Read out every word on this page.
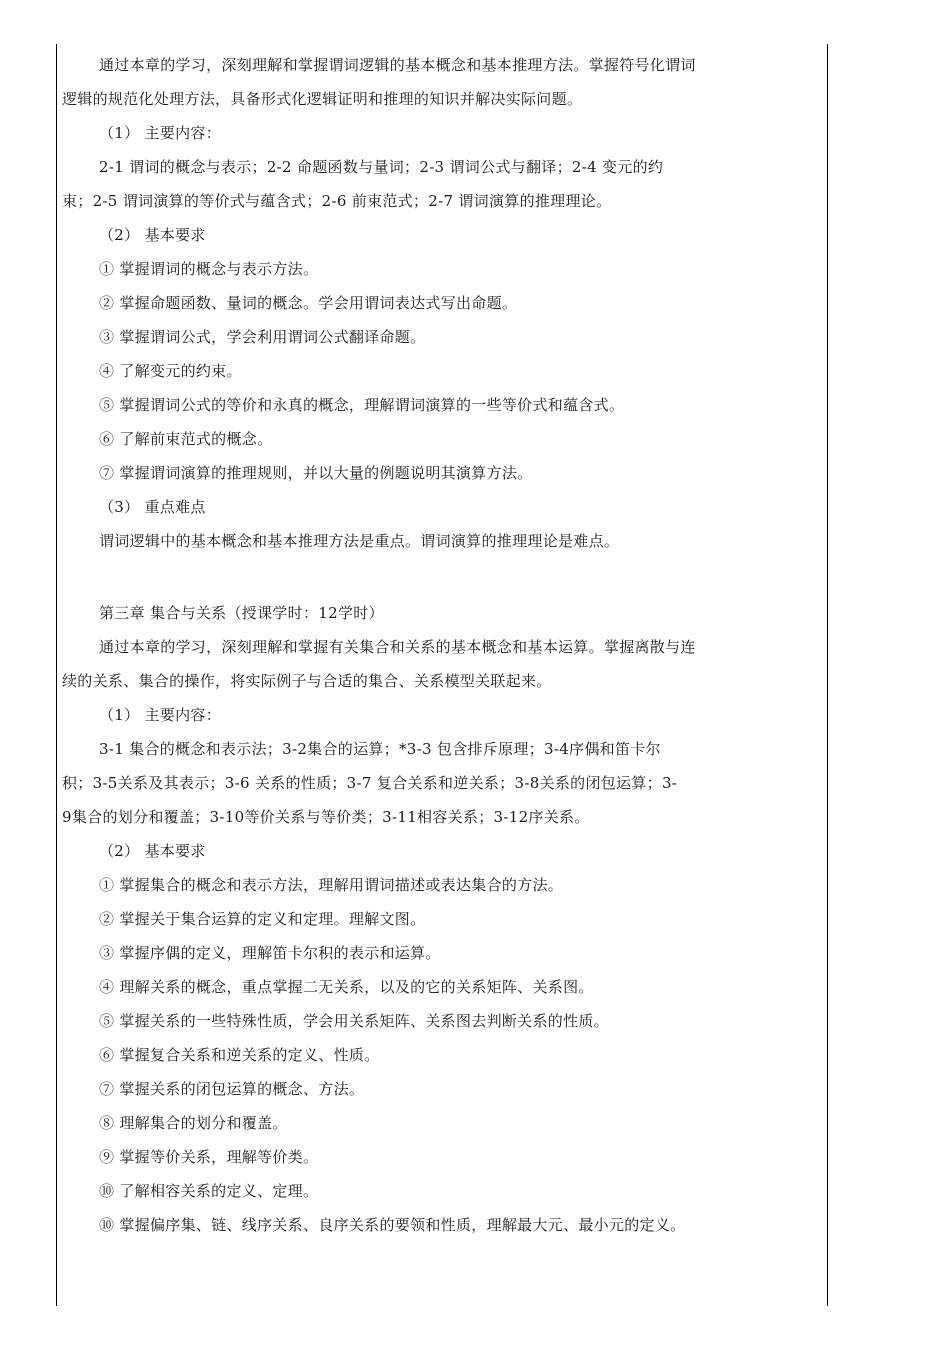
通过本章的学习，深刻理解和掌握谓词逻辑的基本概念和基本推理方法。掌握符号化谓词
逻辑的规范化处理方法，具备形式化逻辑证明和推理的知识并解决实际问题。
（1） 主要内容：
2-1 谓词的概念与表示；2-2 命题函数与量词；2-3 谓词公式与翻译；2-4 变元的约
束；2-5 谓词演算的等价式与蕴含式；2-6 前束范式；2-7 谓词演算的推理理论。
（2） 基本要求
① 掌握谓词的概念与表示方法。
② 掌握命题函数、量词的概念。学会用谓词表达式写出命题。
③ 掌握谓词公式，学会利用谓词公式翻译命题。
④ 了解变元的约束。
⑤ 掌握谓词公式的等价和永真的概念，理解谓词演算的一些等价式和蕴含式。
⑥ 了解前束范式的概念。
⑦ 掌握谓词演算的推理规则，并以大量的例题说明其演算方法。
（3） 重点难点
谓词逻辑中的基本概念和基本推理方法是重点。谓词演算的推理理论是难点。
第三章 集合与关系（授课学时：12学时）
通过本章的学习，深刻理解和掌握有关集合和关系的基本概念和基本运算。掌握离散与连
续的关系、集合的操作，将实际例子与合适的集合、关系模型关联起来。
（1） 主要内容：
3-1 集合的概念和表示法；3-2集合的运算；*3-3 包含排斥原理；3-4序偶和笛卡尔
积；3-5关系及其表示；3-6 关系的性质；3-7 复合关系和逆关系；3-8关系的闭包运算；3-
9集合的划分和覆盖；3-10等价关系与等价类；3-11相容关系；3-12序关系。
（2） 基本要求
① 掌握集合的概念和表示方法，理解用谓词描述或表达集合的方法。
② 掌握关于集合运算的定义和定理。理解文图。
③ 掌握序偶的定义，理解笛卡尔积的表示和运算。
④ 理解关系的概念，重点掌握二无关系，以及的它的关系矩阵、关系图。
⑤ 掌握关系的一些特殊性质，学会用关系矩阵、关系图去判断关系的性质。
⑥ 掌握复合关系和逆关系的定义、性质。
⑦ 掌握关系的闭包运算的概念、方法。
⑧ 理解集合的划分和覆盖。
⑨ 掌握等价关系，理解等价类。
⑩ 了解相容关系的定义、定理。
⑩ 掌握偏序集、链、线序关系、良序关系的要领和性质，理解最大元、最小元的定义。
